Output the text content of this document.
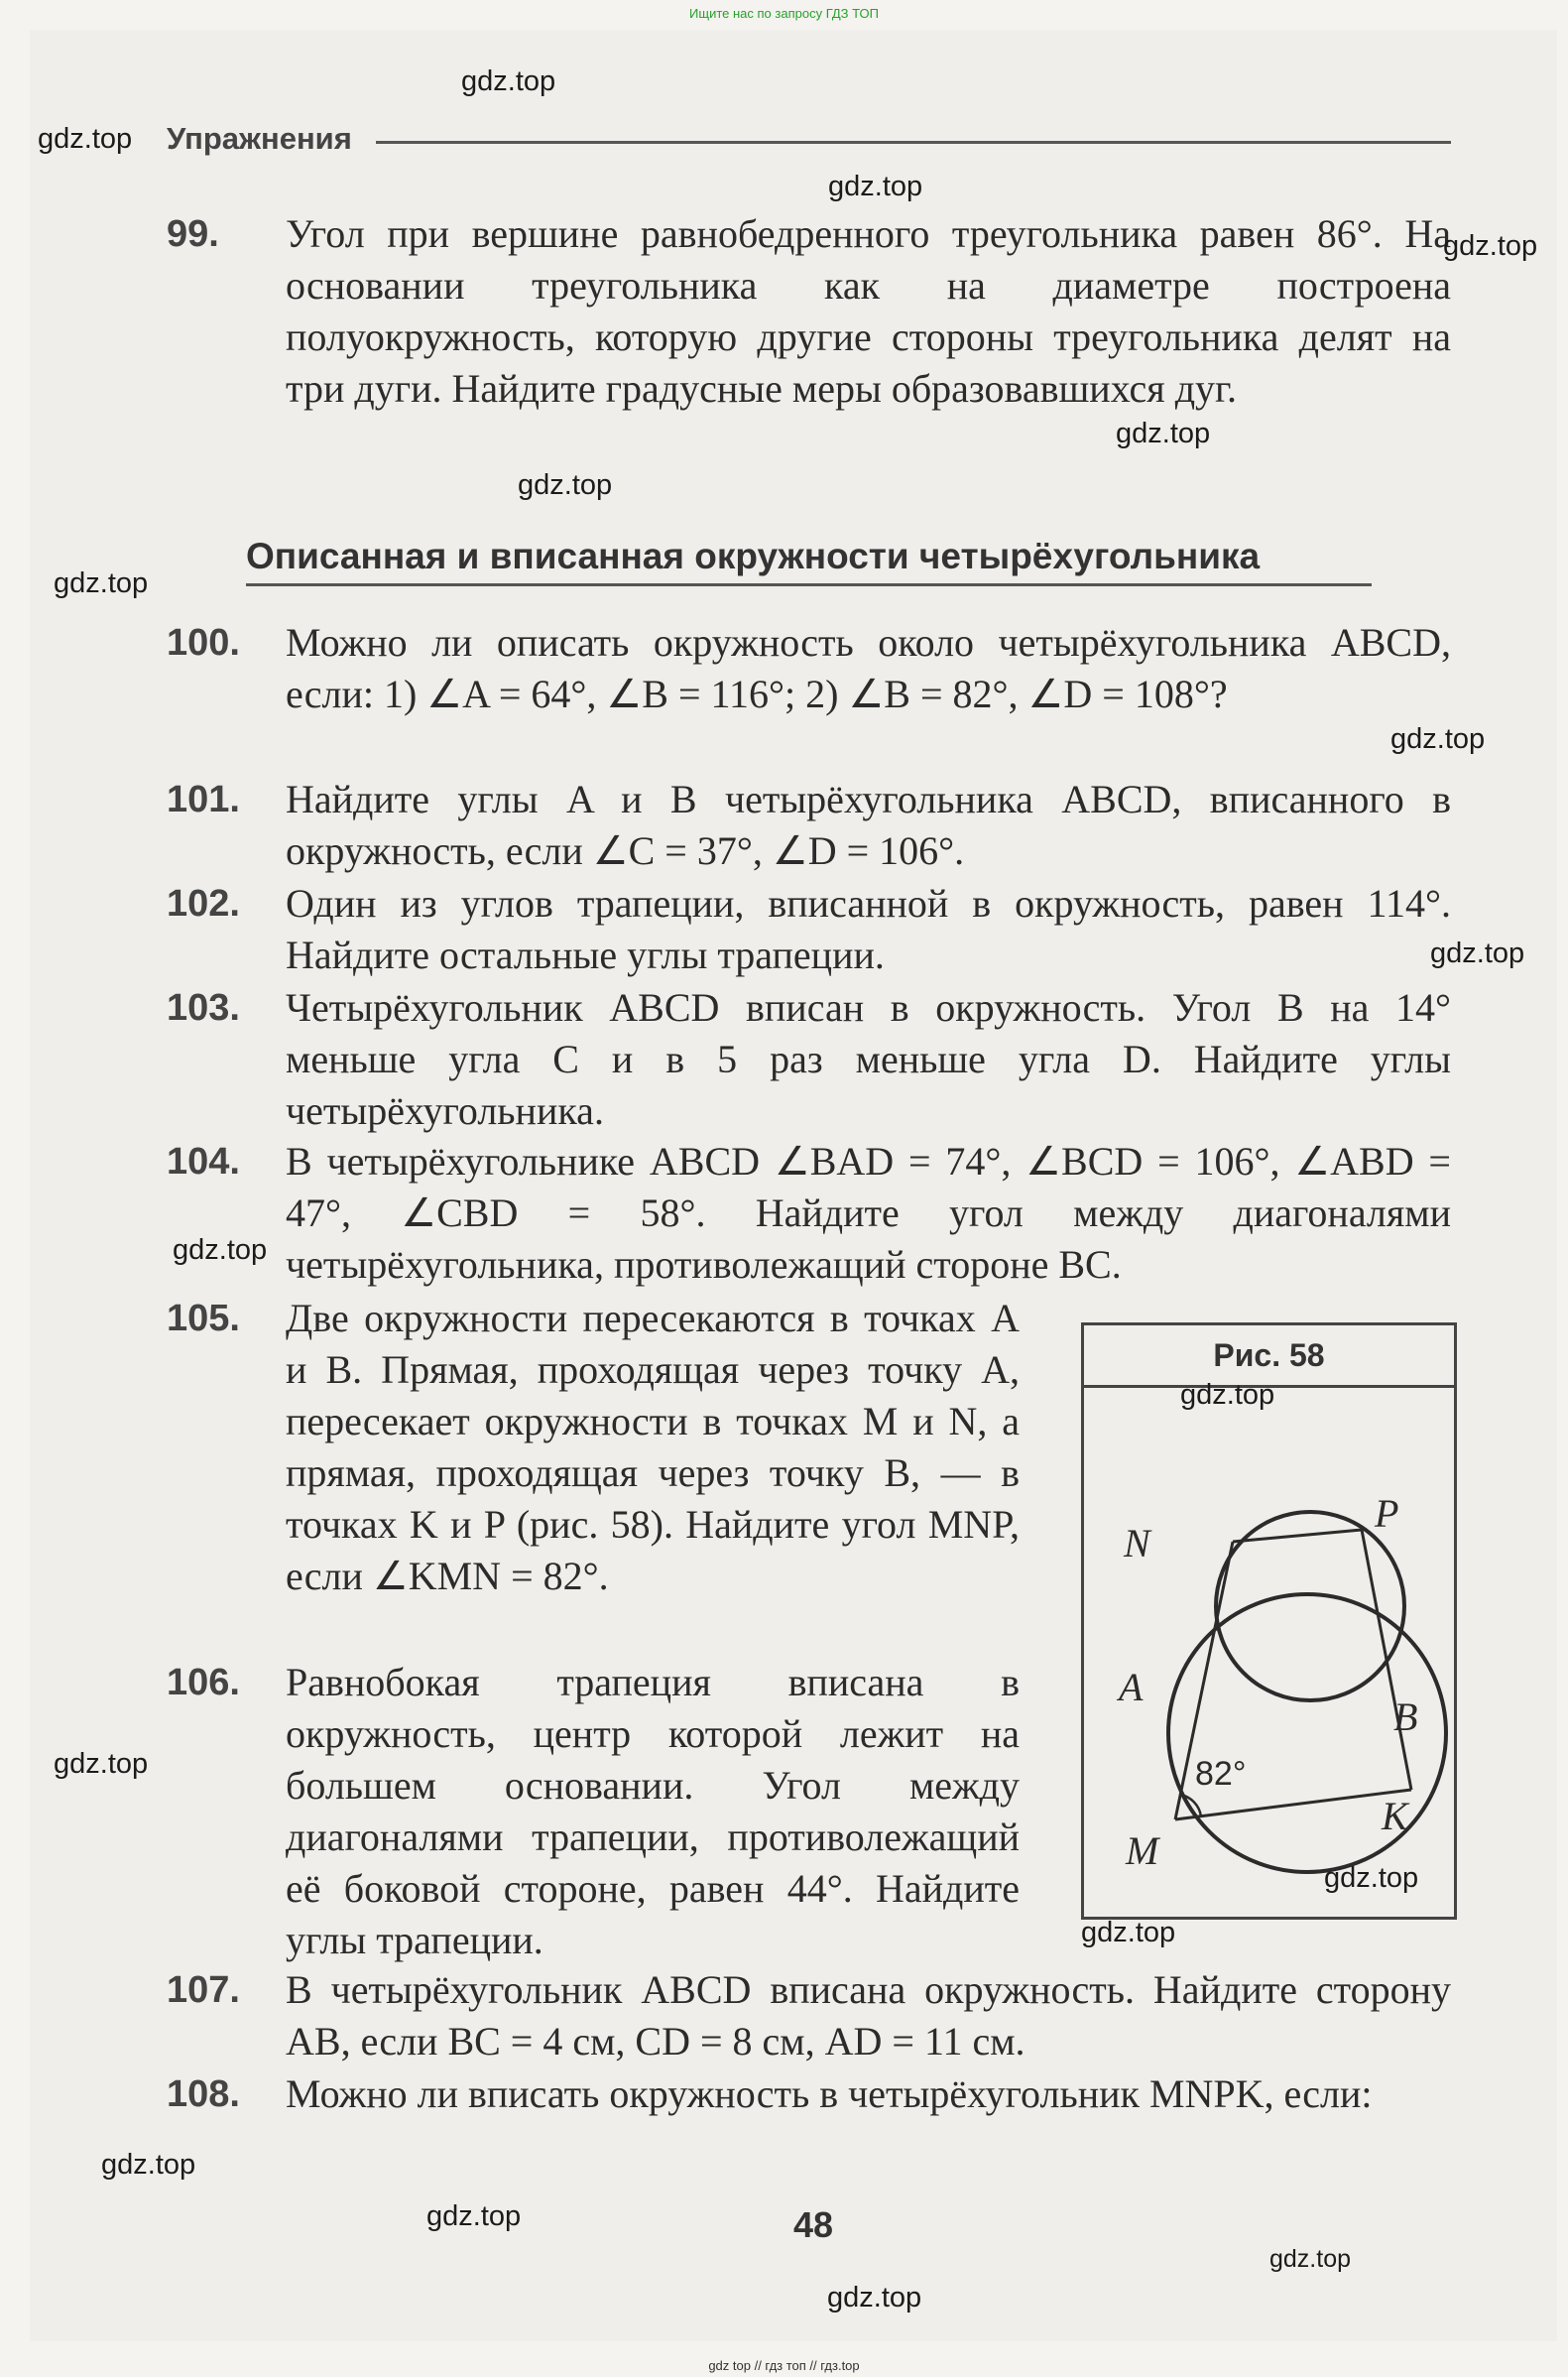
Ищите нас по запросу ГДЗ ТОП
Упражнения
99. Угол при вершине равнобедренного треугольника равен 86°. На основании треугольника как на диаметре построена полуокружность, которую другие стороны треугольника делят на три дуги. Найдите градусные меры образовавшихся дуг.
Описанная и вписанная окружности четырёхугольника
100. Можно ли описать окружность около четырёхугольника ABCD, если: 1) ∠A = 64°, ∠B = 116°; 2) ∠B = 82°, ∠D = 108°?
101. Найдите углы A и B четырёхугольника ABCD, вписанного в окружность, если ∠C = 37°, ∠D = 106°.
102. Один из углов трапеции, вписанной в окружность, равен 114°. Найдите остальные углы трапеции.
103. Четырёхугольник ABCD вписан в окружность. Угол B на 14° меньше угла C и в 5 раз меньше угла D. Найдите углы четырёхугольника.
104. В четырёхугольнике ABCD ∠BAD = 74°, ∠BCD = 106°, ∠ABD = 47°, ∠CBD = 58°. Найдите угол между диагоналями четырёхугольника, противолежащий стороне BC.
105. Две окружности пересекаются в точках A и B. Прямая, проходящая через точку A, пересекает окружности в точках M и N, а прямая, проходящая через точку B, — в точках K и P (рис. 58). Найдите угол MNP, если ∠KMN = 82°.
106. Равнобокая трапеция вписана в окружность, центр которой лежит на большем основании. Угол между диагоналями трапеции, противолежащий её боковой стороне, равен 44°. Найдите углы трапеции.
107. В четырёхугольник ABCD вписана окружность. Найдите сторону AB, если BC = 4 см, CD = 8 см, AD = 11 см.
108. Можно ли вписать окружность в четырёхугольник MNPK, если:
Рис. 58
N
P
A
B
M
K
82°
48
gdz.top
gdz.top
gdz.top
gdz.top
gdz.top
gdz.top
gdz.top
gdz.top
gdz.top
gdz.top
gdz.top
gdz.top
gdz.top
gdz.top
gdz.top
gdz.top
gdz.top
gdz.top
gdz top // гдз топ // гдз.top
